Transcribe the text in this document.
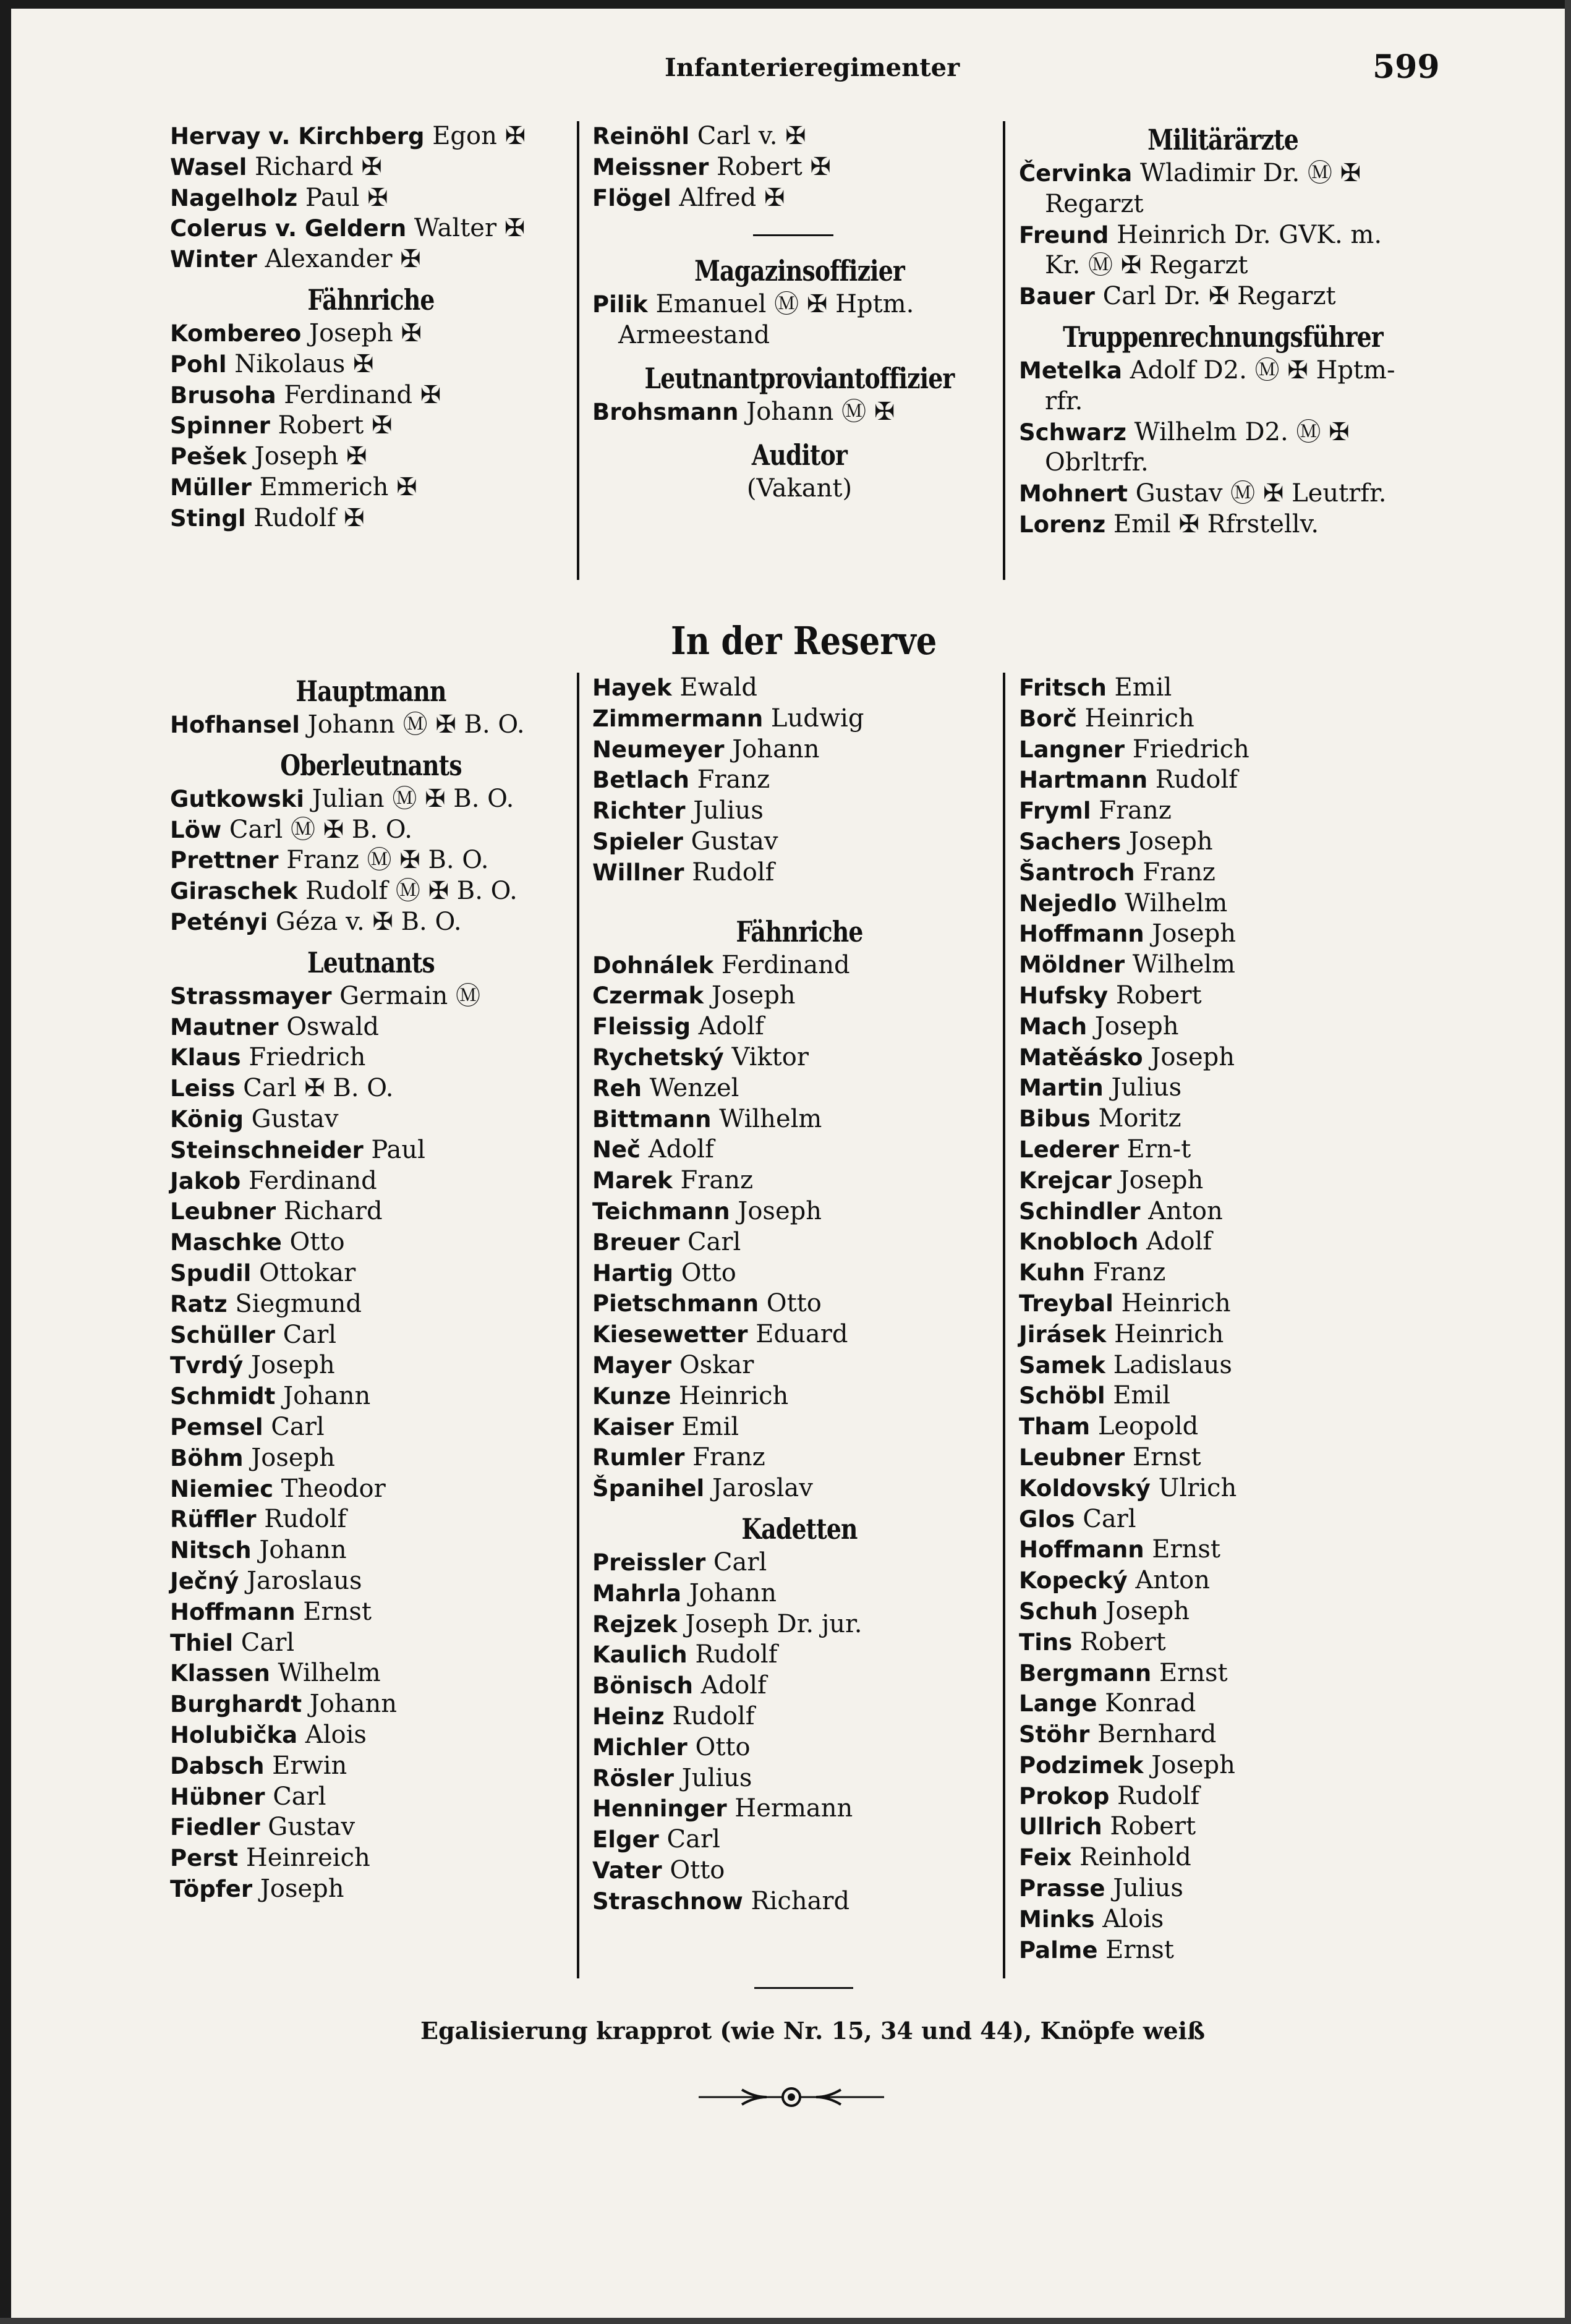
Infanterieregimenter	599
Hervay v. Kirchberg Egon ✠
Wasel Richard ✠
Nagelholz Paul ✠
Colerus v. Geldern Walter ✠
Winter Alexander ✠
Fähnriche
Kombereo Joseph ✠
Pohl Nikolaus ✠
Brusoha Ferdinand ✠
Spinner Robert ✠
Pešek Joseph ✠
Müller Emmerich ✠
Stingl Rudolf ✠
Reinöhl Carl v. ✠
Meissner Robert ✠
Flögel Alfred ✠
Magazinsoffizier
Pilik Emanuel Ⓜ ✠ Hptm.
Armeestand
Leutnantproviantoffizier
Brohsmann Johann Ⓜ ✠
Auditor
(Vakant)
Militärärzte
Červinka Wladimir Dr. Ⓜ ✠
Regarzt
Freund Heinrich Dr. GVK. m.
Kr. Ⓜ ✠ Regarzt
Bauer Carl Dr. ✠ Regarzt
Truppenrechnungsführer
Metelka Adolf D2. Ⓜ ✠ Hptm-
rfr.
Schwarz Wilhelm D2. Ⓜ ✠
Obrltrfr.
Mohnert Gustav Ⓜ ✠ Leutrfr.
Lorenz Emil ✠ Rfrstellv.
In der Reserve
Hauptmann
Hofhansel Johann Ⓜ ✠ B. O.
Oberleutnants
Gutkowski Julian Ⓜ ✠ B. O.
Löw Carl Ⓜ ✠ B. O.
Prettner Franz Ⓜ ✠ B. O.
Giraschek Rudolf Ⓜ ✠ B. O.
Petényi Géza v. ✠ B. O.
Leutnants
Strassmayer Germain Ⓜ
Mautner Oswald
Klaus Friedrich
Leiss Carl ✠ B. O.
König Gustav
Steinschneider Paul
Jakob Ferdinand
Leubner Richard
Maschke Otto
Spudil Ottokar
Ratz Siegmund
Schüller Carl
Tvrdý Joseph
Schmidt Johann
Pemsel Carl
Böhm Joseph
Niemiec Theodor
Rüffler Rudolf
Nitsch Johann
Ječný Jaroslaus
Hoffmann Ernst
Thiel Carl
Klassen Wilhelm
Burghardt Johann
Holubička Alois
Dabsch Erwin
Hübner Carl
Fiedler Gustav
Perst Heinreich
Töpfer Joseph
Hayek Ewald
Zimmermann Ludwig
Neumeyer Johann
Betlach Franz
Richter Julius
Spieler Gustav
Willner Rudolf
Fähnriche
Dohnálek Ferdinand
Czermak Joseph
Fleissig Adolf
Rychetský Viktor
Reh Wenzel
Bittmann Wilhelm
Neč Adolf
Marek Franz
Teichmann Joseph
Breuer Carl
Hartig Otto
Pietschmann Otto
Kiesewetter Eduard
Mayer Oskar
Kunze Heinrich
Kaiser Emil
Rumler Franz
Španihel Jaroslav
Kadetten
Preissler Carl
Mahrla Johann
Rejzek Joseph Dr. jur.
Kaulich Rudolf
Bönisch Adolf
Heinz Rudolf
Michler Otto
Rösler Julius
Henninger Hermann
Elger Carl
Vater Otto
Straschnow Richard
Fritsch Emil
Borč Heinrich
Langner Friedrich
Hartmann Rudolf
Fryml Franz
Sachers Joseph
Šantroch Franz
Nejedlo Wilhelm
Hoffmann Joseph
Möldner Wilhelm
Hufsky Robert
Mach Joseph
Matěásko Joseph
Martin Julius
Bibus Moritz
Lederer Ern-t
Krejcar Joseph
Schindler Anton
Knobloch Adolf
Kuhn Franz
Treybal Heinrich
Jirásek Heinrich
Samek Ladislaus
Schöbl Emil
Tham Leopold
Leubner Ernst
Koldovský Ulrich
Glos Carl
Hoffmann Ernst
Kopecký Anton
Schuh Joseph
Tins Robert
Bergmann Ernst
Lange Konrad
Stöhr Bernhard
Podzimek Joseph
Prokop Rudolf
Ullrich Robert
Feix Reinhold
Prasse Julius
Minks Alois
Palme Ernst
Egalisierung krapprot (wie Nr. 15, 34 und 44), Knöpfe weiß
